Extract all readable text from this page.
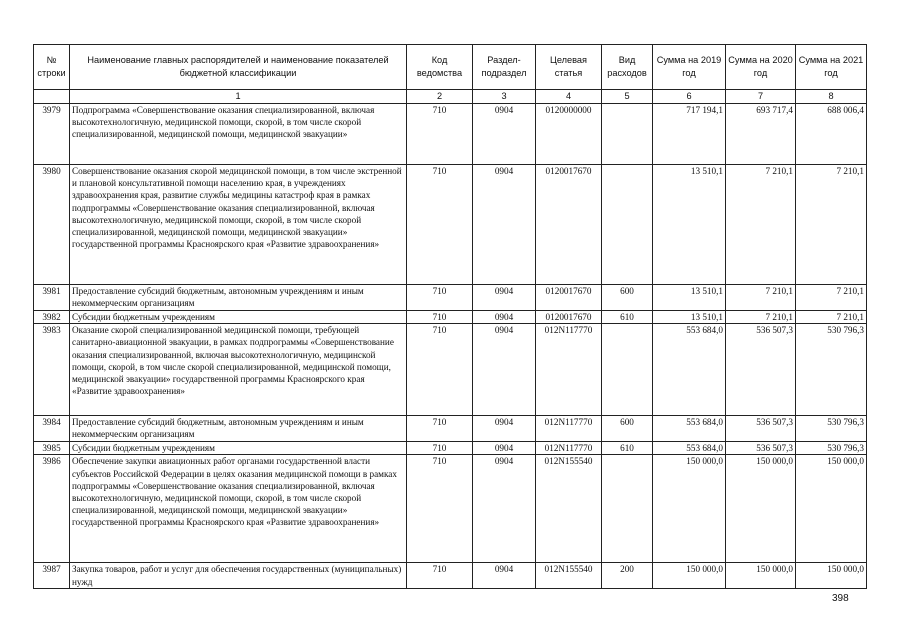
№ строки	Наименование главных распорядителей и наименование показателей бюджетной классификации	Код ведомства	Раздел-подраздел	Целевая статья	Вид расходов	Сумма на 2019 год	Сумма на 2020 год	Сумма на 2021 год
	1	2	3	4	5	6	7	8
3979	Подпрограмма «Совершенствование оказания специализированной, включая высокотехнологичную, медицинской помощи, скорой, в том числе скорой специализированной, медицинской помощи, медицинской эвакуации»	710	0904	0120000000		717 194,1	693 717,4	688 006,4
3980	Совершенствование оказания скорой медицинской помощи, в том числе экстренной и плановой консультативной помощи населению края, в учреждениях здравоохранения края, развитие службы медицины катастроф края в рамках подпрограммы «Совершенствование оказания специализированной, включая высокотехнологичную, медицинской помощи, скорой, в том числе скорой специализированной, медицинской помощи, медицинской эвакуации» государственной программы Красноярского края «Развитие здравоохранения»	710	0904	0120017670		13 510,1	7 210,1	7 210,1
3981	Предоставление субсидий бюджетным, автономным учреждениям и иным некоммерческим организациям	710	0904	0120017670	600	13 510,1	7 210,1	7 210,1
3982	Субсидии бюджетным учреждениям	710	0904	0120017670	610	13 510,1	7 210,1	7 210,1
3983	Оказание скорой специализированной медицинской помощи, требующей санитарно-авиационной эвакуации, в рамках подпрограммы «Совершенствование оказания специализированной, включая высокотехнологичную, медицинской помощи, скорой, в том числе скорой специализированной, медицинской помощи, медицинской эвакуации» государственной программы Красноярского края «Развитие здравоохранения»	710	0904	012N117770		553 684,0	536 507,3	530 796,3
3984	Предоставление субсидий бюджетным, автономным учреждениям и иным некоммерческим организациям	710	0904	012N117770	600	553 684,0	536 507,3	530 796,3
3985	Субсидии бюджетным учреждениям	710	0904	012N117770	610	553 684,0	536 507,3	530 796,3
3986	Обеспечение закупки авиационных работ органами государственной власти субъектов Российской Федерации в целях оказания медицинской помощи в рамках подпрограммы «Совершенствование оказания специализированной, включая высокотехнологичную, медицинской помощи, скорой, в том числе скорой специализированной, медицинской помощи, медицинской эвакуации» государственной программы Красноярского края «Развитие здравоохранения»	710	0904	012N155540		150 000,0	150 000,0	150 000,0
3987	Закупка товаров, работ и услуг для обеспечения государственных (муниципальных) нужд	710	0904	012N155540	200	150 000,0	150 000,0	150 000,0
398
